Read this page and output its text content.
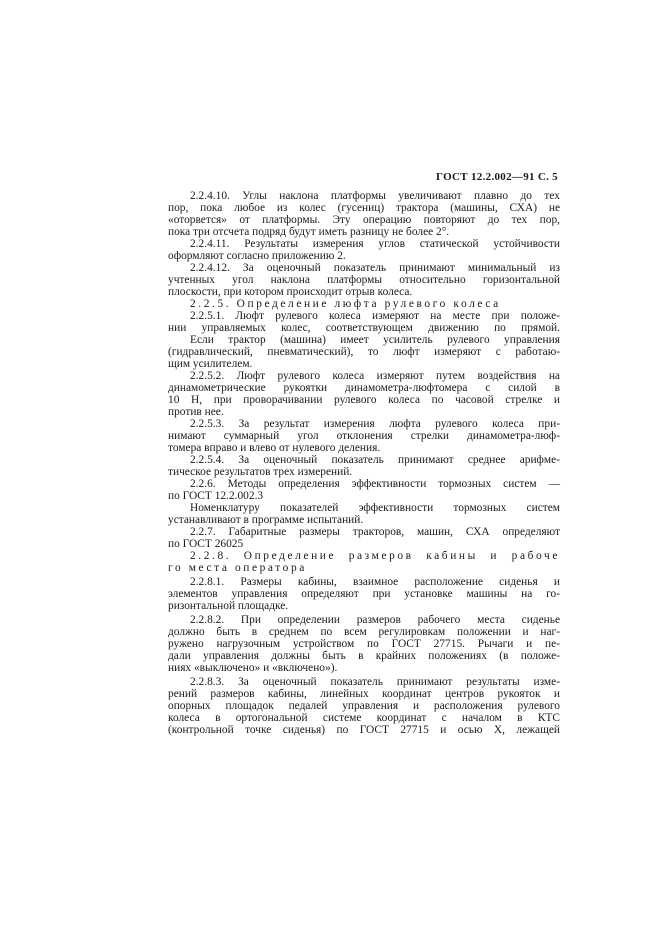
ГОСТ 12.2.002—91 С. 5
2.2.4.10. Углы наклона платформы увеличивают плавно до тех
пор, пока любое из колес (гусениц) трактора (машины, СХА) не
«оторвется» от платформы. Эту операцию повторяют до тех пор,
пока три отсчета подряд будут иметь разницу не более 2°.
2.2.4.11. Результаты измерения углов статической устойчивости
оформляют согласно приложению 2.
2.2.4.12. За оценочный показатель принимают минимальный из
учтенных угол наклона платформы относительно горизонтальной
плоскости, при котором происходит отрыв колеса.
2.2.5. Определение люфта рулевого колеса
2.2.5.1. Люфт рулевого колеса измеряют на месте при положе-
нии управляемых колес, соответствующем движению по прямой.
Если трактор (машина) имеет усилитель рулевого управления
(гидравлический, пневматический), то люфт измеряют с работаю-
щим усилителем.
2.2.5.2. Люфт рулевого колеса измеряют путем воздействия на
динамометрические рукоятки динамометра-люфтомера с силой в
10 Н, при проворачивании рулевого колеса по часовой стрелке и
против нее.
2.2.5.3. За результат измерения люфта рулевого колеса при-
нимают суммарный угол отклонения стрелки динамометра-люф-
томера вправо и влево от нулевого деления.
2.2.5.4. За оценочный показатель принимают среднее арифме-
тическое результатов трех измерений.
2.2.6. Методы определения эффективности тормозных систем —
по ГОСТ 12.2.002.3
Номенклатуру показателей эффективности тормозных систем
устанавливают в программе испытаний.
2.2.7. Габаритные размеры тракторов, машин, СХА определяют
по ГОСТ 26025
2.2.8. Определение размеров кабины и рабоче
го места оператора
2.2.8.1. Размеры кабины, взаимное расположение сиденья и
элементов управления определяют при установке машины на го-
ризонтальной площадке.
2.2.8.2. При определении размеров рабочего места сиденье
должно быть в среднем по всем регулировкам положении и наг-
ружено нагрузочным устройством по ГОСТ 27715. Рычаги и пе-
дали управления должны быть в крайних положениях (в положе-
ниях «выключено» и «включено»).
2.2.8.3. За оценочный показатель принимают результаты изме-
рений размеров кабины, линейных координат центров рукояток и
опорных площадок педалей управления и расположения рулевого
колеса в ортогональной системе координат с началом в КТС
(контрольной точке сиденья) по ГОСТ 27715 и осью X, лежащей
